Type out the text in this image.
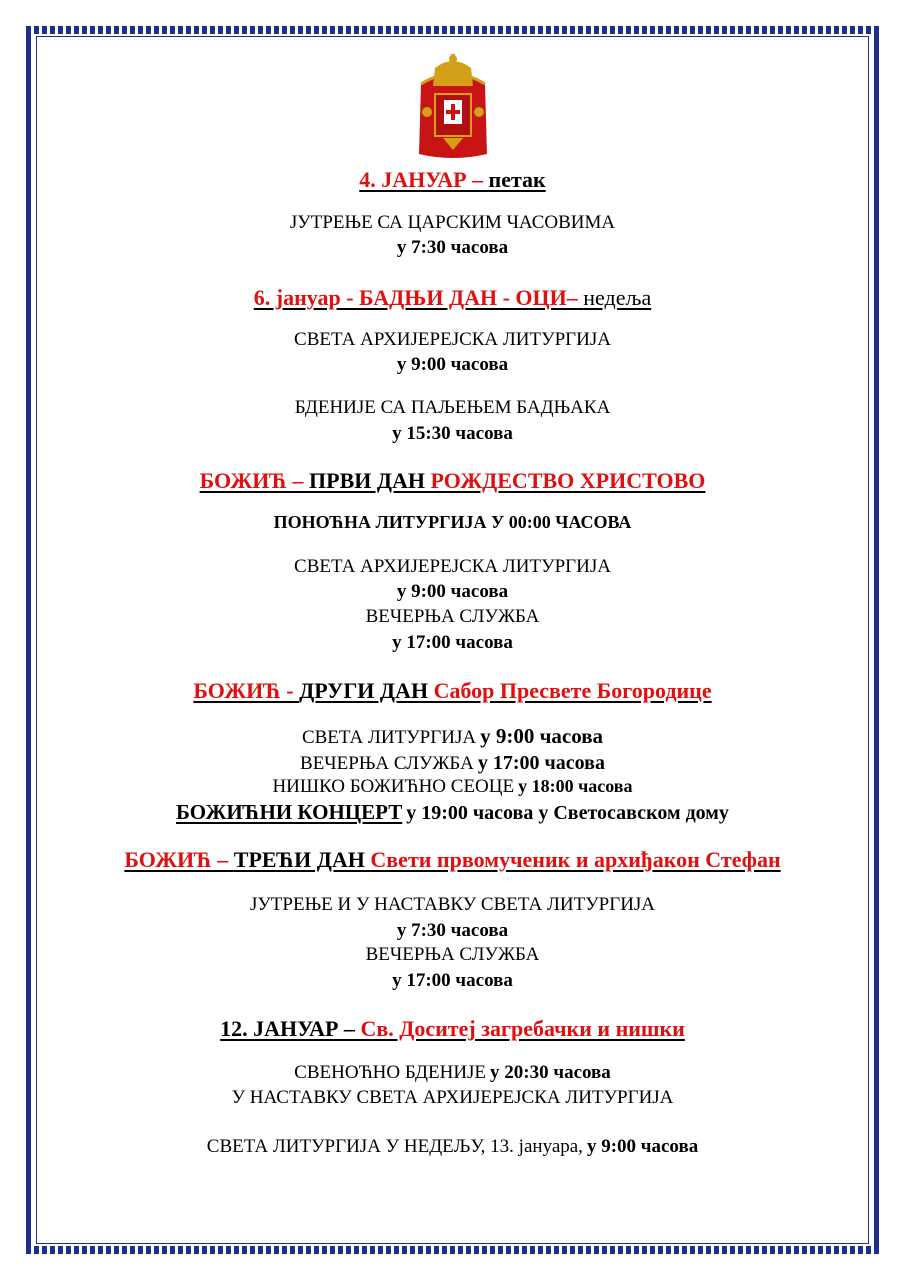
4. ЈАНУАР – петак
ЈУТРЕЊЕ СА ЦАРСКИМ ЧАСОВИМА
у 7:30 часова
6. јануар - БАДЊИ ДАН - ОЦИ– недеља
СВЕТА АРХИЈЕРЕЈСКА ЛИТУРГИЈА
у 9:00 часова
БДЕНИЈЕ СА ПАЉЕЊЕМ БАДЊАКА
у 15:30 часова
БОЖИЋ – ПРВИ ДАН РОЖДЕСТВО ХРИСТОВО
ПОНОЋНА ЛИТУРГИЈА У 00:00 ЧАСОВА
СВЕТА АРХИЈЕРЕЈСКА ЛИТУРГИЈА
у 9:00 часова
ВЕЧЕРЊА СЛУЖБА
у 17:00 часова
БОЖИЋ - ДРУГИ ДАН Сабор Пресвете Богородице
СВЕТА ЛИТУРГИЈА у 9:00 часова
ВЕЧЕРЊА СЛУЖБА у 17:00 часова
НИШКО БОЖИЋНО СЕОЦЕ у 18:00 часова
БОЖИЋНИ КОНЦЕРТ у 19:00 часова у Светосавском дому
БОЖИЋ – ТРЕЋИ ДАН Свети првомученик и архиђакон Стефан
ЈУТРЕЊЕ И У НАСТАВКУ СВЕТА ЛИТУРГИЈА
у 7:30 часова
ВЕЧЕРЊА СЛУЖБА
у 17:00 часова
12. ЈАНУАР – Св. Доситеј загребачки и нишки
СВЕНОЋНО БДЕНИЈЕ у 20:30 часова
У НАСТАВКУ СВЕТА АРХИЈЕРЕЈСКА ЛИТУРГИЈА
СВЕТА ЛИТУРГИЈА У НЕДЕЉУ, 13. јануара, у 9:00 часова
